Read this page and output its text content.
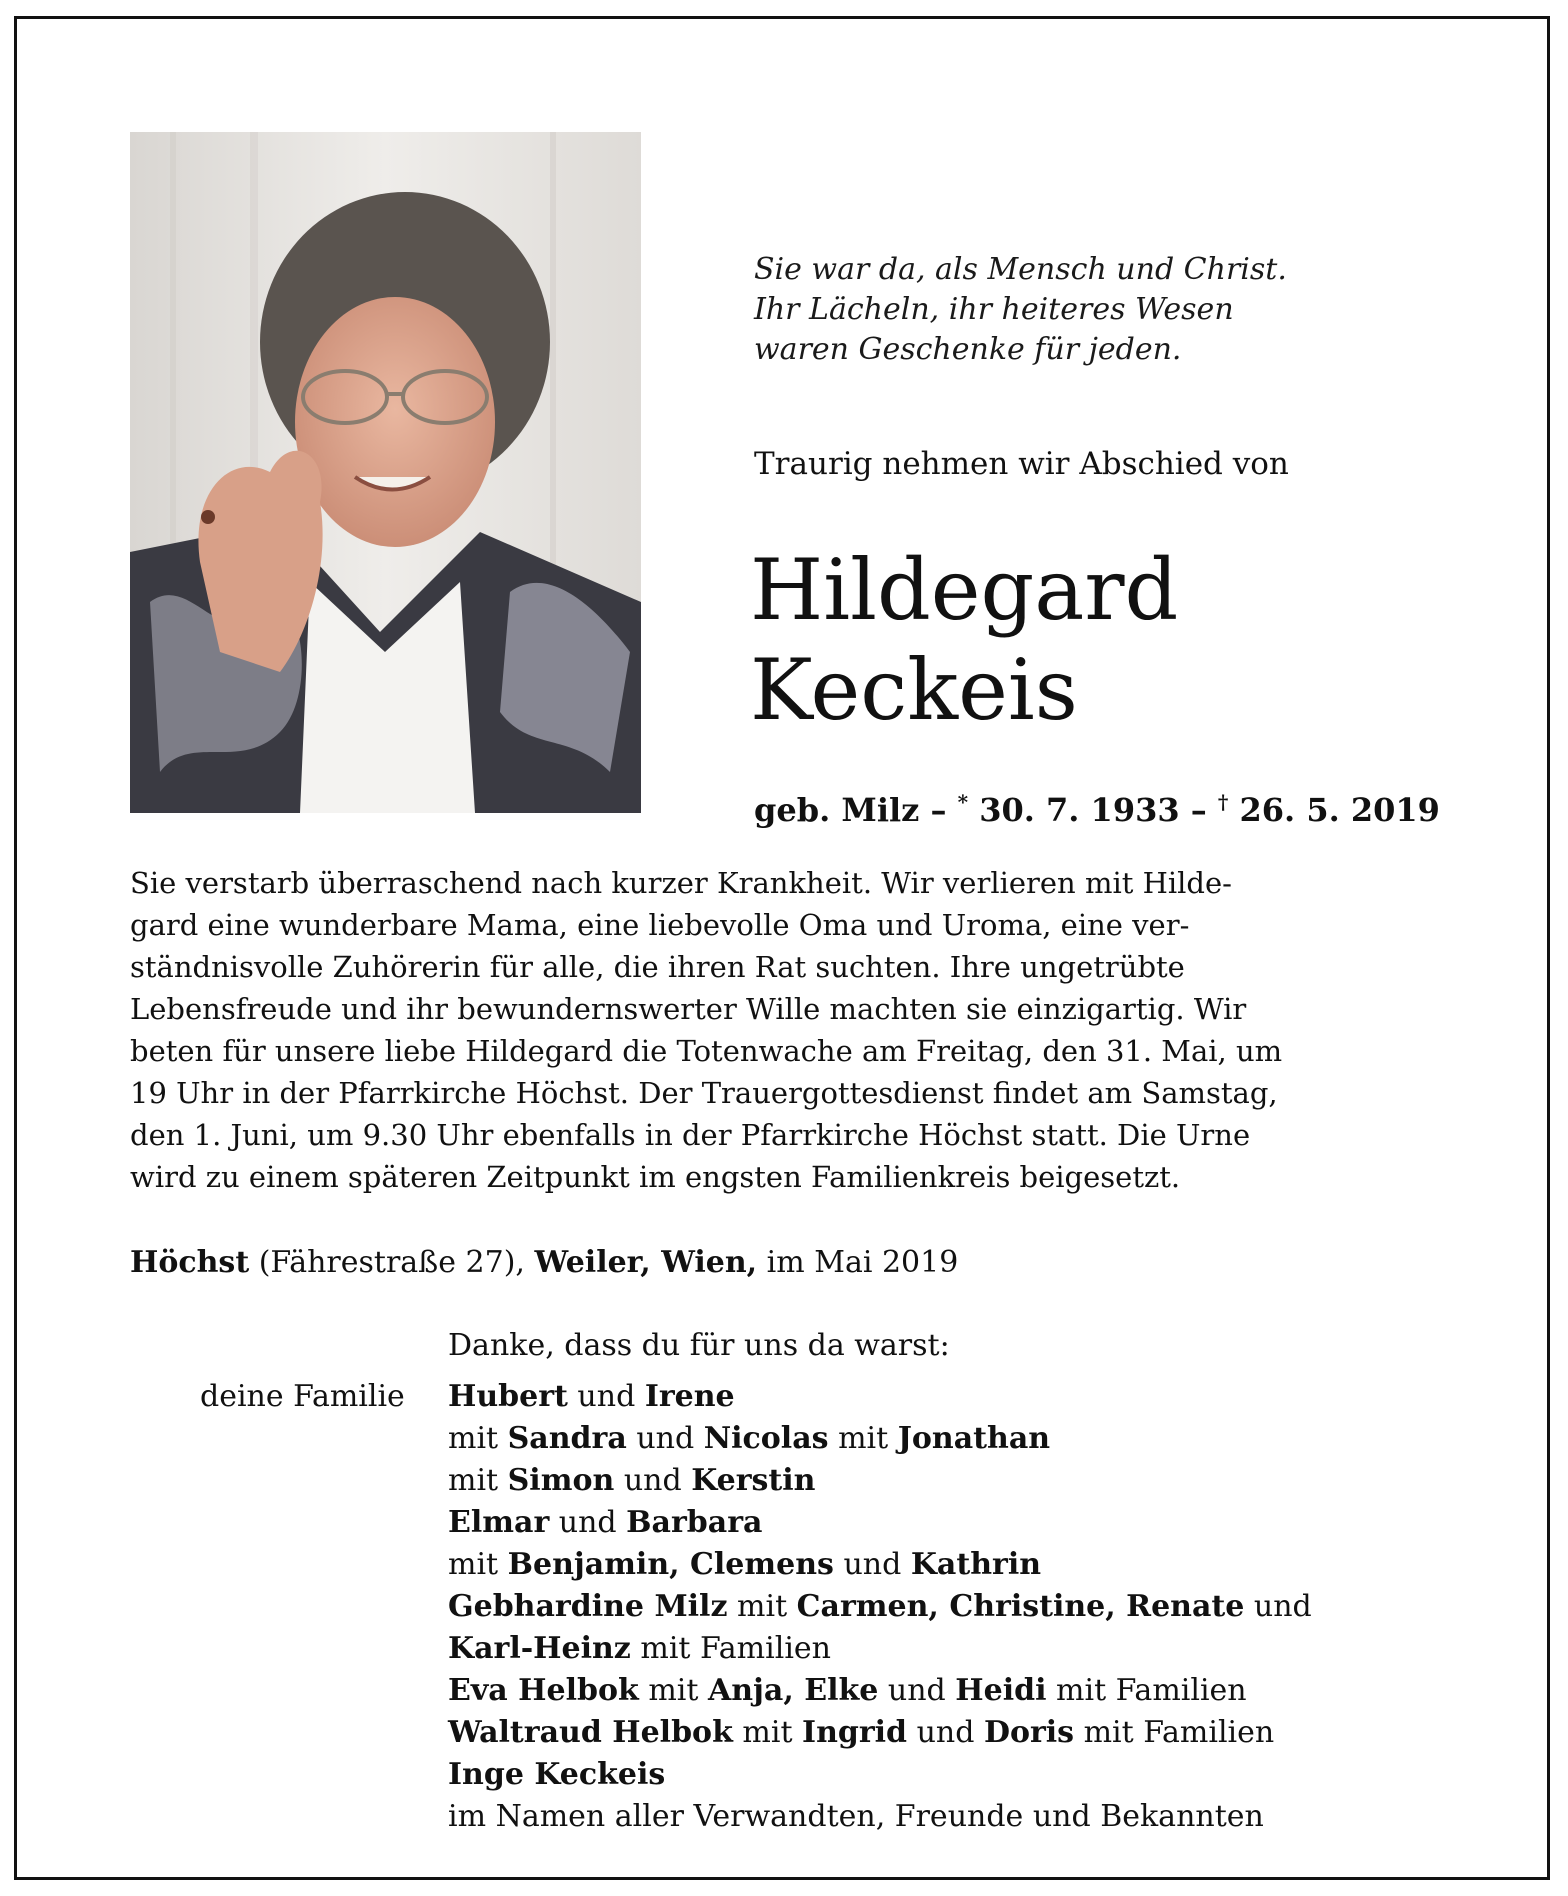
Sie war da, als Mensch und Christ.
Ihr Lächeln, ihr heiteres Wesen
waren Geschenke für jeden.
Traurig nehmen wir Abschied von
Hildegard
Keckeis
geb. Milz – * 30. 7. 1933 – † 26. 5. 2019
Sie verstarb überraschend nach kurzer Krankheit. Wir verlieren mit Hilde-
gard eine wunderbare Mama, eine liebevolle Oma und Uroma, eine ver-
ständnisvolle Zuhörerin für alle, die ihren Rat suchten. Ihre ungetrübte
Lebensfreude und ihr bewundernswerter Wille machten sie einzigartig. Wir
beten für unsere liebe Hildegard die Totenwache am Freitag, den 31. Mai, um
19 Uhr in der Pfarrkirche Höchst. Der Trauergottesdienst findet am Samstag,
den 1. Juni, um 9.30 Uhr ebenfalls in der Pfarrkirche Höchst statt. Die Urne
wird zu einem späteren Zeitpunkt im engsten Familienkreis beigesetzt.
Höchst (Fährestraße 27), Weiler, Wien, im Mai 2019
Danke, dass du für uns da warst:
deine Familie Hubert und Irene
mit Sandra und Nicolas mit Jonathan
mit Simon und Kerstin
Elmar und Barbara
mit Benjamin, Clemens und Kathrin
Gebhardine Milz mit Carmen, Christine, Renate und
Karl-Heinz mit Familien
Eva Helbok mit Anja, Elke und Heidi mit Familien
Waltraud Helbok mit Ingrid und Doris mit Familien
Inge Keckeis
im Namen aller Verwandten, Freunde und Bekannten
